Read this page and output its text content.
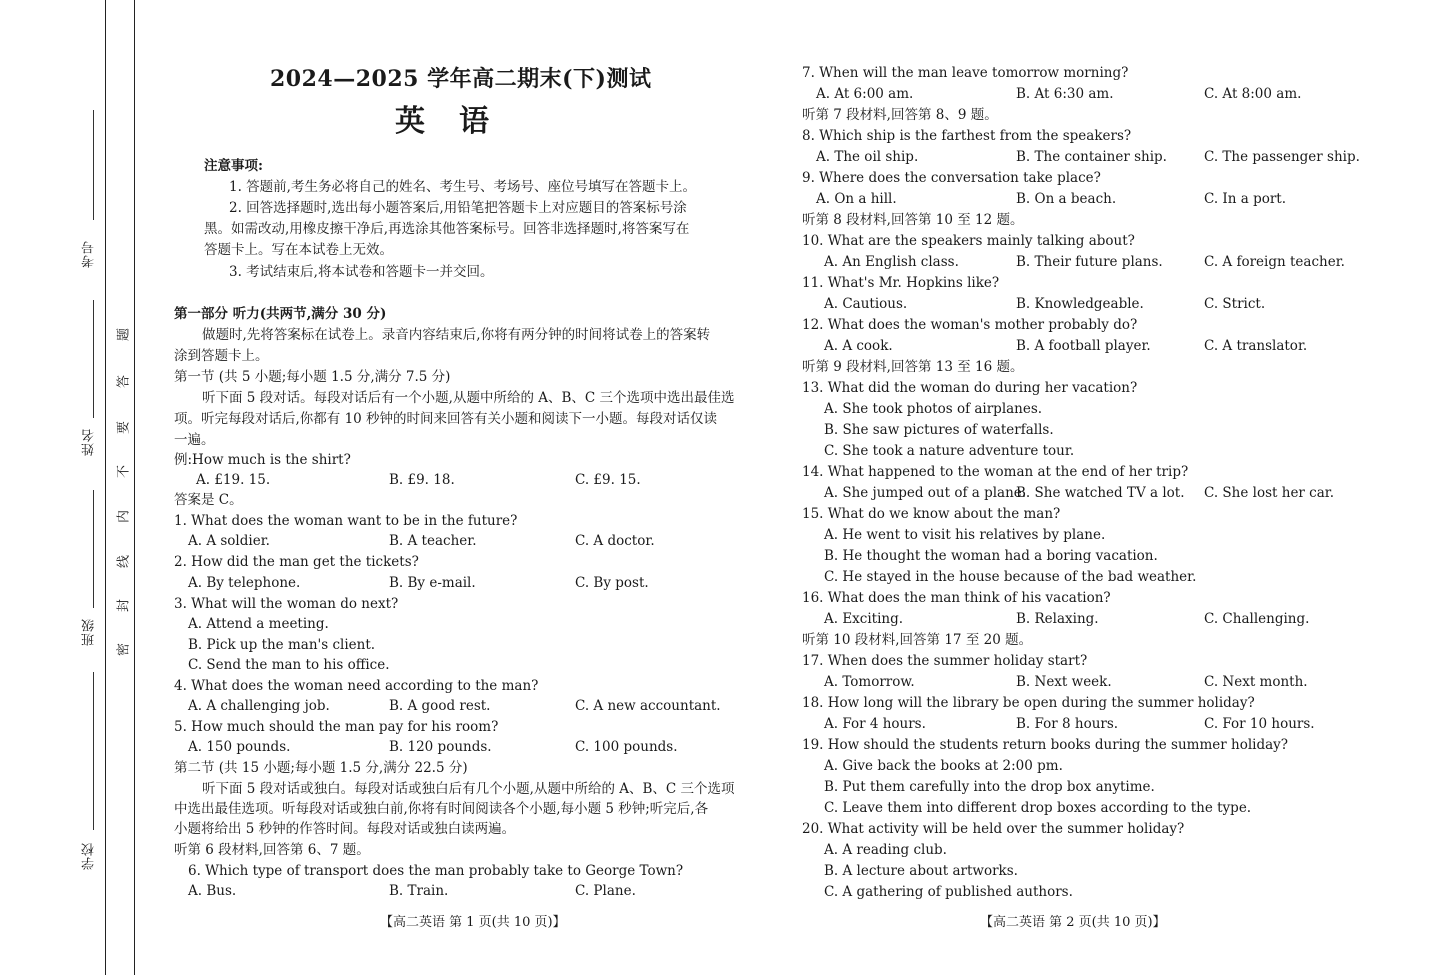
考号
姓名
班级
学校
题
答
要
不
内
线
封
密
2024—2025 学年高二期末(下)测试
英语
注意事项:
1. 答题前,考生务必将自己的姓名、考生号、考场号、座位号填写在答题卡上。
2. 回答选择题时,选出每小题答案后,用铅笔把答题卡上对应题目的答案标号涂
黑。如需改动,用橡皮擦干净后,再选涂其他答案标号。回答非选择题时,将答案写在
答题卡上。写在本试卷上无效。
3. 考试结束后,将本试卷和答题卡一并交回。
第一部分 听力(共两节,满分 30 分)
做题时,先将答案标在试卷上。录音内容结束后,你将有两分钟的时间将试卷上的答案转
涂到答题卡上。
第一节 (共 5 小题;每小题 1.5 分,满分 7.5 分)
听下面 5 段对话。每段对话后有一个小题,从题中所给的 A、B、C 三个选项中选出最佳选
项。听完每段对话后,你都有 10 秒钟的时间来回答有关小题和阅读下一小题。每段对话仅读
一遍。
例:How much is the shirt?
A. £19. 15.	B. £9. 18.	C. £9. 15.
答案是 C。
1. What does the woman want to be in the future?
A. A soldier.	B. A teacher.	C. A doctor.
2. How did the man get the tickets?
A. By telephone.	B. By e-mail.	C. By post.
3. What will the woman do next?
A. Attend a meeting.
B. Pick up the man's client.
C. Send the man to his office.
4. What does the woman need according to the man?
A. A challenging job.	B. A good rest.	C. A new accountant.
5. How much should the man pay for his room?
A. 150 pounds.	B. 120 pounds.	C. 100 pounds.
第二节 (共 15 小题;每小题 1.5 分,满分 22.5 分)
听下面 5 段对话或独白。每段对话或独白后有几个小题,从题中所给的 A、B、C 三个选项
中选出最佳选项。听每段对话或独白前,你将有时间阅读各个小题,每小题 5 秒钟;听完后,各
小题将给出 5 秒钟的作答时间。每段对话或独白读两遍。
听第 6 段材料,回答第 6、7 题。
6. Which type of transport does the man probably take to George Town?
A. Bus.	B. Train.	C. Plane.
7. When will the man leave tomorrow morning?
A. At 6:00 am.	B. At 6:30 am.	C. At 8:00 am.
听第 7 段材料,回答第 8、9 题。
8. Which ship is the farthest from the speakers?
A. The oil ship.	B. The container ship.	C. The passenger ship.
9. Where does the conversation take place?
A. On a hill.	B. On a beach.	C. In a port.
听第 8 段材料,回答第 10 至 12 题。
10. What are the speakers mainly talking about?
A. An English class.	B. Their future plans.	C. A foreign teacher.
11. What's Mr. Hopkins like?
A. Cautious.	B. Knowledgeable.	C. Strict.
12. What does the woman's mother probably do?
A. A cook.	B. A football player.	C. A translator.
听第 9 段材料,回答第 13 至 16 题。
13. What did the woman do during her vacation?
A. She took photos of airplanes.
B. She saw pictures of waterfalls.
C. She took a nature adventure tour.
14. What happened to the woman at the end of her trip?
A. She jumped out of a plane.
B. She watched TV a lot. C. She lost her car.
15. What do we know about the man?
A. He went to visit his relatives by plane.
B. He thought the woman had a boring vacation.
C. He stayed in the house because of the bad weather.
16. What does the man think of his vacation?
A. Exciting.	B. Relaxing.	C. Challenging.
听第 10 段材料,回答第 17 至 20 题。
17. When does the summer holiday start?
A. Tomorrow.	B. Next week.	C. Next month.
18. How long will the library be open during the summer holiday?
A. For 4 hours.	B. For 8 hours.	C. For 10 hours.
19. How should the students return books during the summer holiday?
A. Give back the books at 2:00 pm.
B. Put them carefully into the drop box anytime.
C. Leave them into different drop boxes according to the type.
20. What activity will be held over the summer holiday?
A. A reading club.
B. A lecture about artworks.
C. A gathering of published authors.
【高二英语 第 1 页(共 10 页)】	【高二英语 第 2 页(共 10 页)】
